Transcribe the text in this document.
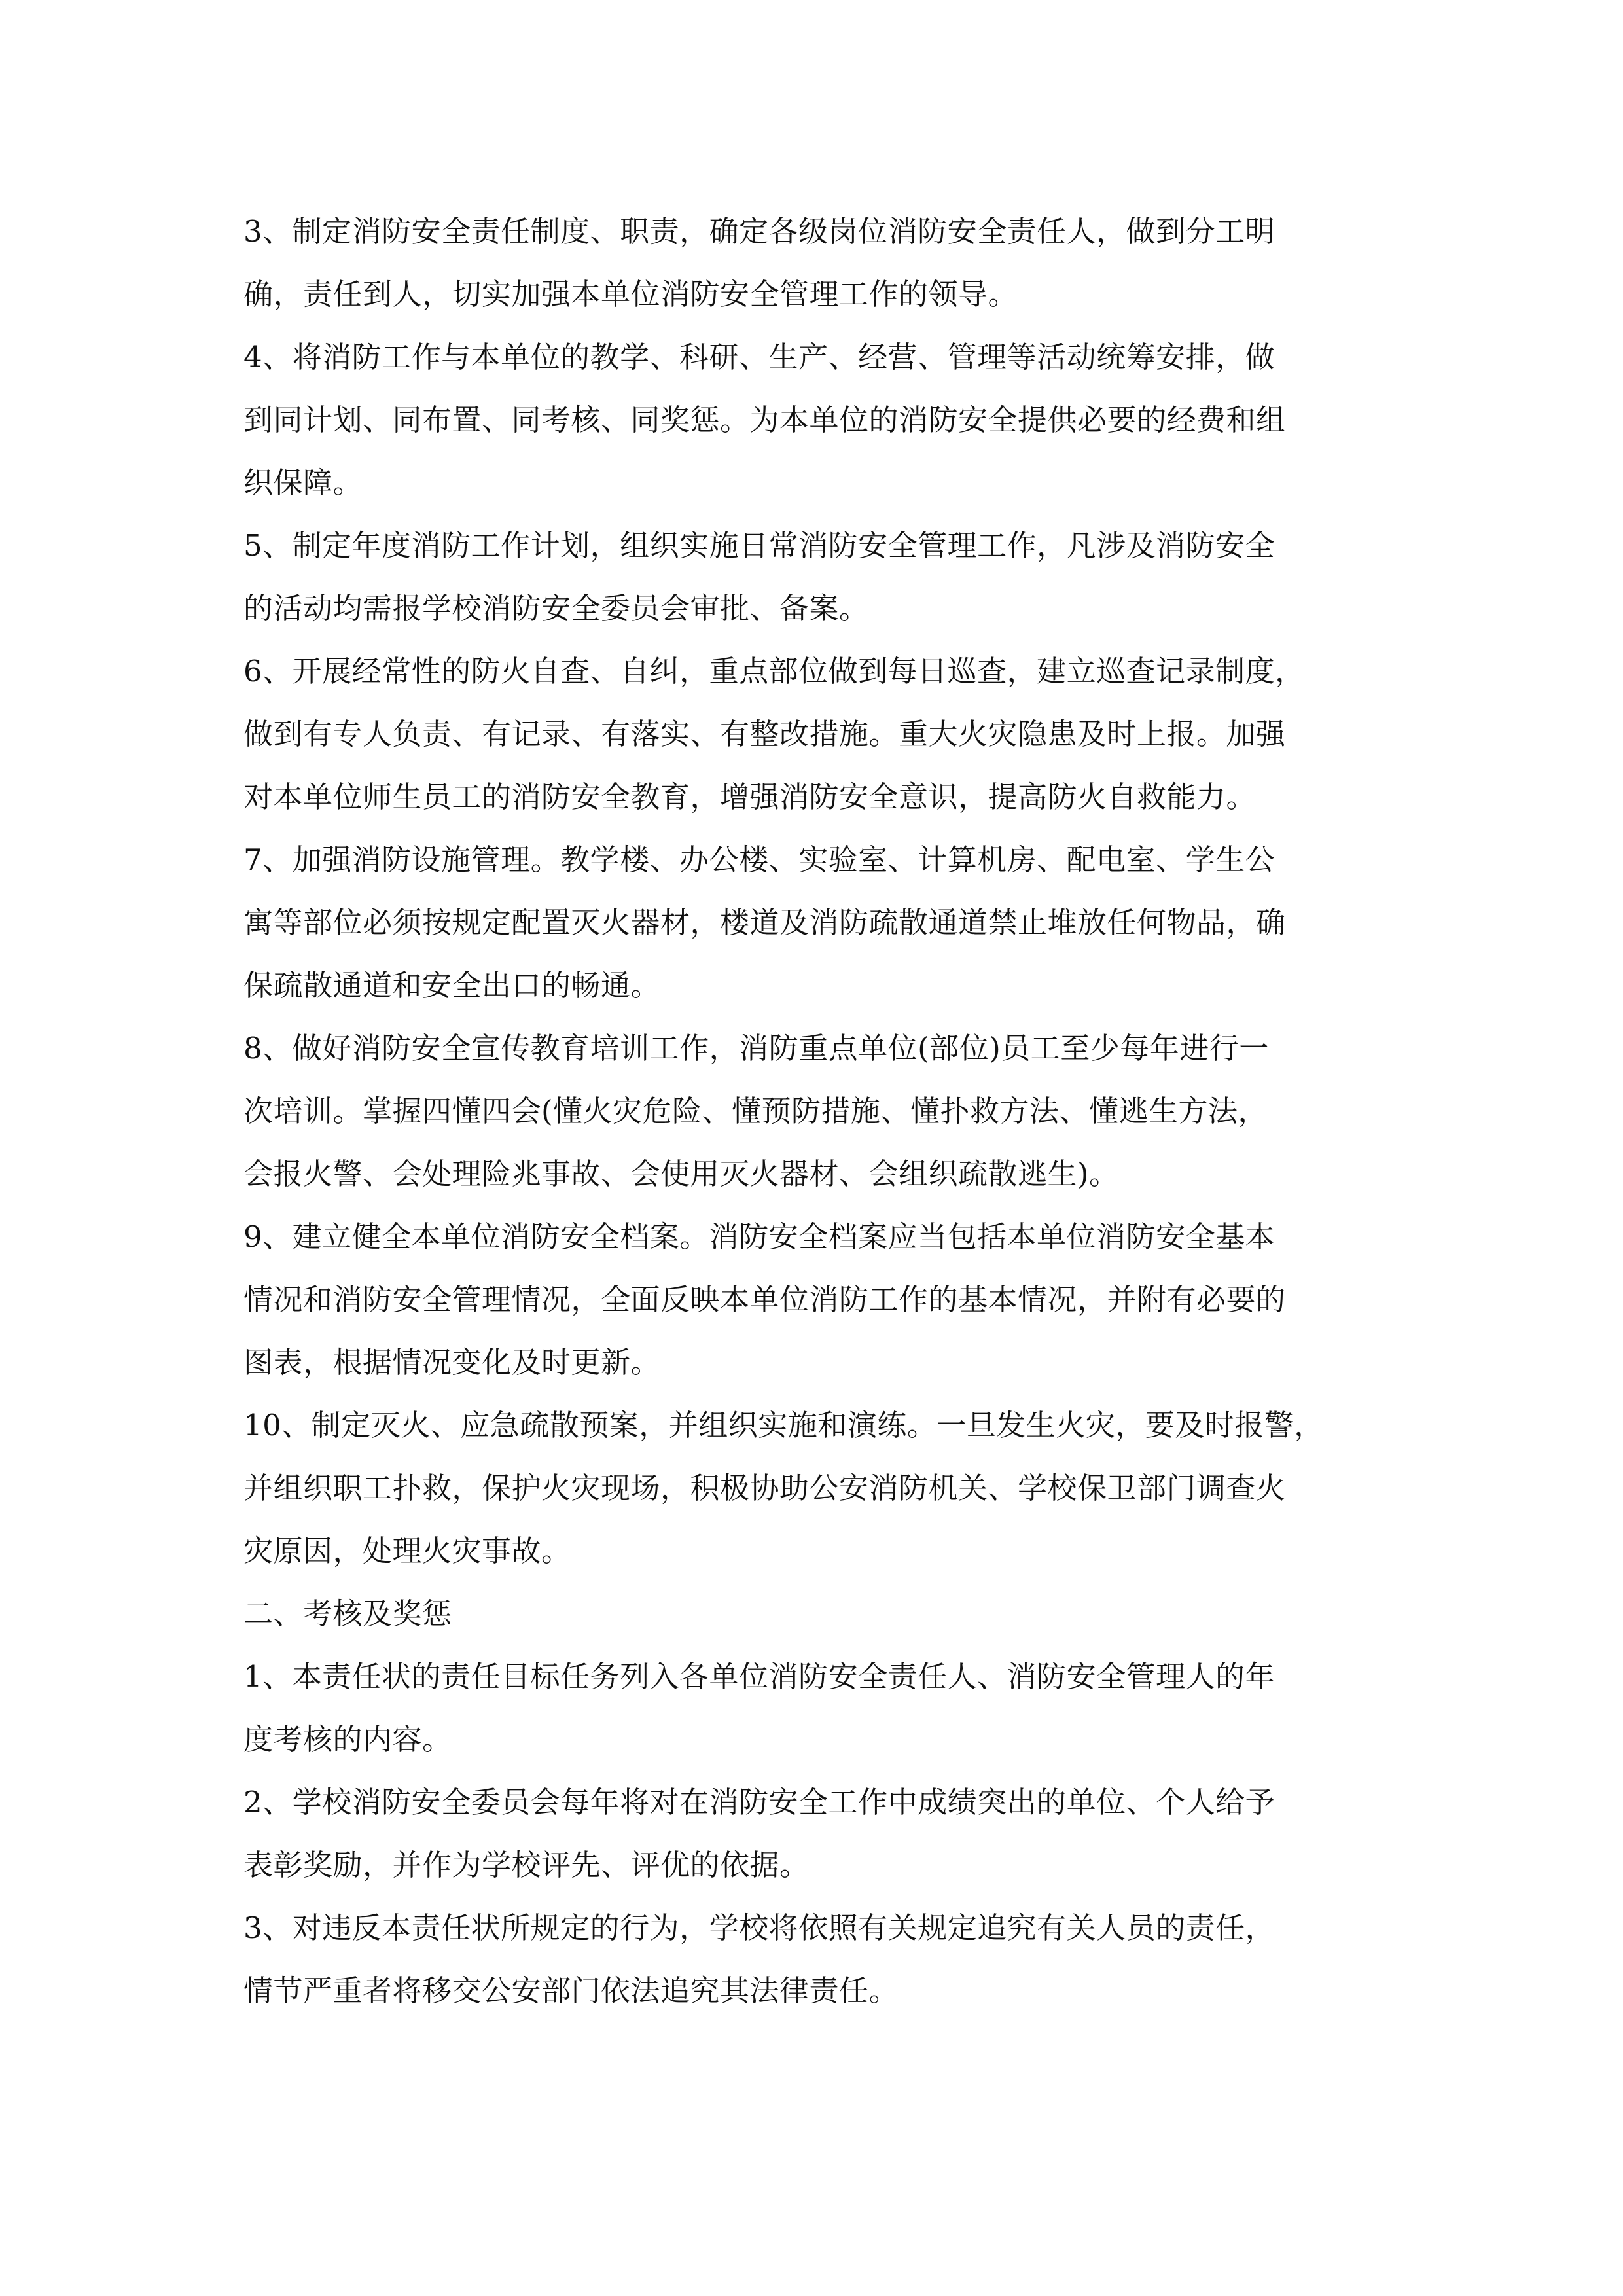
3、制定消防安全责任制度、职责，确定各级岗位消防安全责任人，做到分工明
确，责任到人，切实加强本单位消防安全管理工作的领导。
4、将消防工作与本单位的教学、科研、生产、经营、管理等活动统筹安排，做
到同计划、同布置、同考核、同奖惩。为本单位的消防安全提供必要的经费和组
织保障。
5、制定年度消防工作计划，组织实施日常消防安全管理工作，凡涉及消防安全
的活动均需报学校消防安全委员会审批、备案。
6、开展经常性的防火自查、自纠，重点部位做到每日巡查，建立巡查记录制度，
做到有专人负责、有记录、有落实、有整改措施。重大火灾隐患及时上报。加强
对本单位师生员工的消防安全教育，增强消防安全意识，提高防火自救能力。
7、加强消防设施管理。教学楼、办公楼、实验室、计算机房、配电室、学生公
寓等部位必须按规定配置灭火器材，楼道及消防疏散通道禁止堆放任何物品，确
保疏散通道和安全出口的畅通。
8、做好消防安全宣传教育培训工作，消防重点单位(部位)员工至少每年进行一
次培训。掌握四懂四会(懂火灾危险、懂预防措施、懂扑救方法、懂逃生方法，
会报火警、会处理险兆事故、会使用灭火器材、会组织疏散逃生)。
9、建立健全本单位消防安全档案。消防安全档案应当包括本单位消防安全基本
情况和消防安全管理情况，全面反映本单位消防工作的基本情况，并附有必要的
图表，根据情况变化及时更新。
10、制定灭火、应急疏散预案，并组织实施和演练。一旦发生火灾，要及时报警，
并组织职工扑救，保护火灾现场，积极协助公安消防机关、学校保卫部门调查火
灾原因，处理火灾事故。
二、考核及奖惩
1、本责任状的责任目标任务列入各单位消防安全责任人、消防安全管理人的年
度考核的内容。
2、学校消防安全委员会每年将对在消防安全工作中成绩突出的单位、个人给予
表彰奖励，并作为学校评先、评优的依据。
3、对违反本责任状所规定的行为，学校将依照有关规定追究有关人员的责任，
情节严重者将移交公安部门依法追究其法律责任。
